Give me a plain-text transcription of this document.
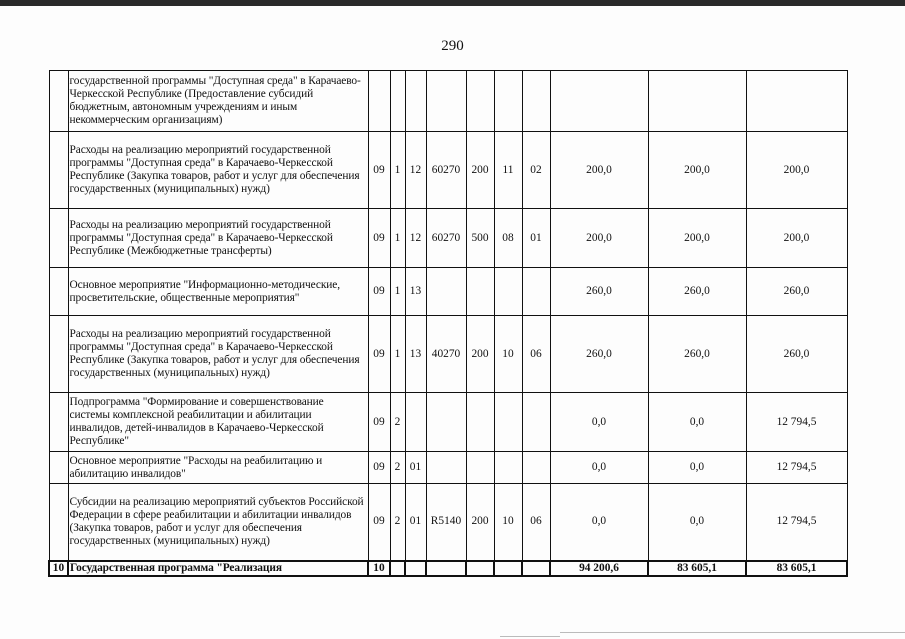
290
	государственной программы "Доступная среда" в Карачаево-Черкесской Республике (Предоставление субсидий бюджетным, автономным учреждениям и иным некоммерческим организациям)										
	Расходы на реализацию мероприятий государственной программы "Доступная среда" в Карачаево-Черкесской Республике (Закупка товаров, работ и услуг для обеспечения государственных (муниципальных) нужд)	09	1	12	60270	200	11	02	200,0	200,0	200,0
	Расходы на реализацию мероприятий государственной программы "Доступная среда" в Карачаево-Черкесской Республике (Межбюджетные трансферты)	09	1	12	60270	500	08	01	200,0	200,0	200,0
	Основное мероприятие "Информационно-методические, просветительские, общественные мероприятия"	09	1	13					260,0	260,0	260,0
	Расходы на реализацию мероприятий государственной программы "Доступная среда" в Карачаево-Черкесской Республике (Закупка товаров, работ и услуг для обеспечения государственных (муниципальных) нужд)	09	1	13	40270	200	10	06	260,0	260,0	260,0
	Подпрограмма "Формирование и совершенствование системы комплексной реабилитации и абилитации инвалидов, детей-инвалидов в Карачаево-Черкесской Республике"	09	2						0,0	0,0	12 794,5
	Основное мероприятие "Расходы на реабилитацию и абилитацию инвалидов"	09	2	01					0,0	0,0	12 794,5
	Субсидии на реализацию мероприятий субъектов Российской Федерации в сфере реабилитации и абилитации инвалидов (Закупка товаров, работ и услуг для обеспечения государственных (муниципальных) нужд)	09	2	01	R5140	200	10	06	0,0	0,0	12 794,5
10	Государственная программа "Реализация	10							94 200,6	83 605,1	83 605,1
